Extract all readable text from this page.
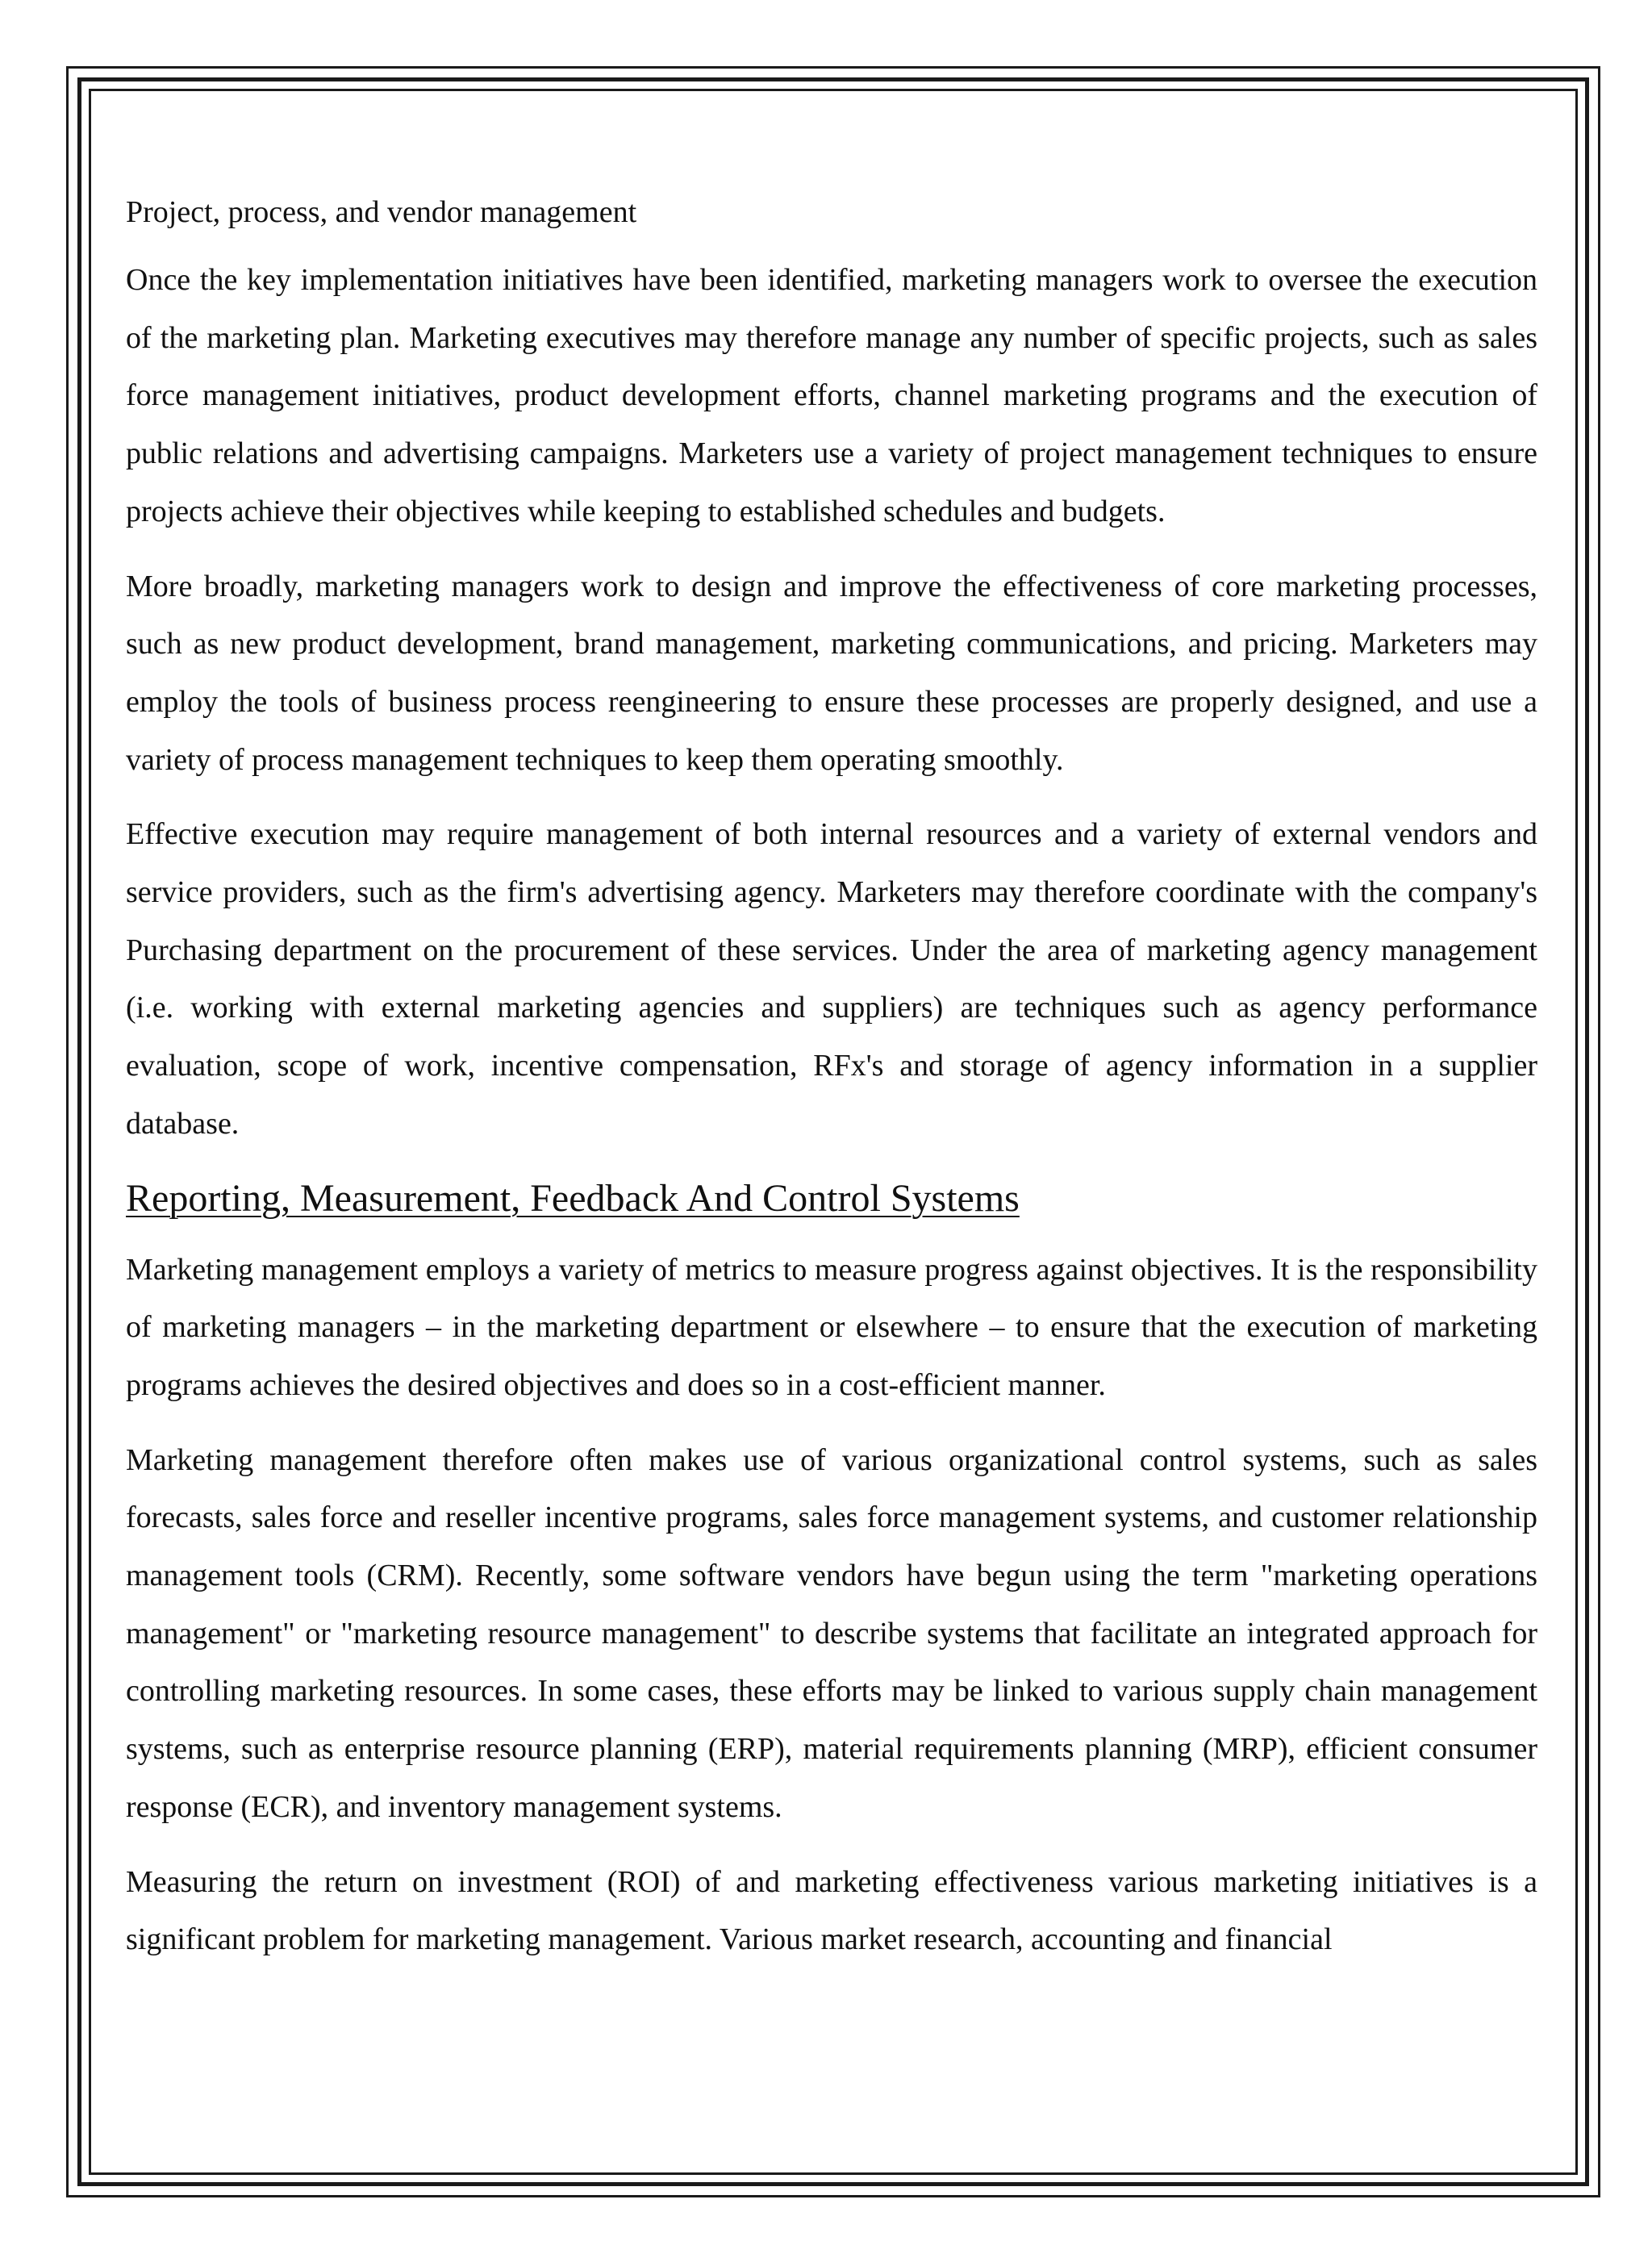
Project, process, and vendor management

Once the key implementation initiatives have been identified, marketing managers work to oversee the execution of the marketing plan. Marketing executives may therefore manage any number of specific projects, such as sales force management initiatives, product development efforts, channel marketing programs and the execution of public relations and advertising campaigns. Marketers use a variety of project management techniques to ensure projects achieve their objectives while keeping to established schedules and budgets.

More broadly, marketing managers work to design and improve the effectiveness of core marketing processes, such as new product development, brand management, marketing communications, and pricing. Marketers may employ the tools of business process reengineering to ensure these processes are properly designed, and use a variety of process management techniques to keep them operating smoothly.

Effective execution may require management of both internal resources and a variety of external vendors and service providers, such as the firm's advertising agency. Marketers may therefore coordinate with the company's Purchasing department on the procurement of these services. Under the area of marketing agency management (i.e. working with external marketing agencies and suppliers) are techniques such as agency performance evaluation, scope of work, incentive compensation, RFx's and storage of agency information in a supplier database.

Reporting, Measurement, Feedback And Control Systems

Marketing management employs a variety of metrics to measure progress against objectives. It is the responsibility of marketing managers – in the marketing department or elsewhere – to ensure that the execution of marketing programs achieves the desired objectives and does so in a cost-efficient manner.

Marketing management therefore often makes use of various organizational control systems, such as sales forecasts, sales force and reseller incentive programs, sales force management systems, and customer relationship management tools (CRM). Recently, some software vendors have begun using the term "marketing operations management" or "marketing resource management" to describe systems that facilitate an integrated approach for controlling marketing resources. In some cases, these efforts may be linked to various supply chain management systems, such as enterprise resource planning (ERP), material requirements planning (MRP), efficient consumer response (ECR), and inventory management systems.

Measuring the return on investment (ROI) of and marketing effectiveness various marketing initiatives is a significant problem for marketing management. Various market research, accounting and financial
